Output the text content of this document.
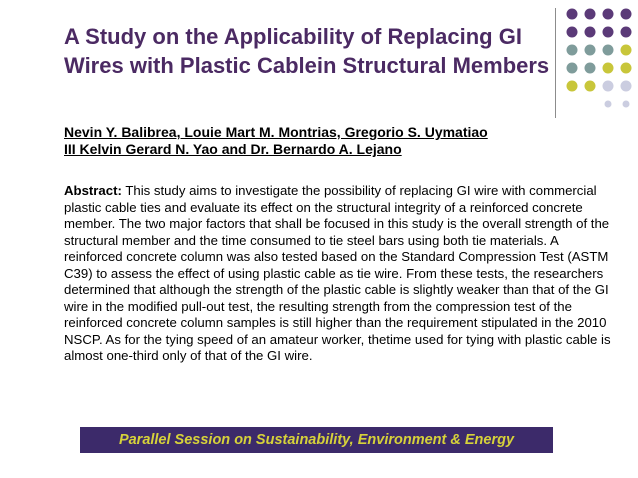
A Study on the Applicability of Replacing GI Wires with Plastic Cablein Structural Members
Nevin Y. Balibrea, Louie Mart M. Montrias, Gregorio S. Uymatiao
III Kelvin Gerard N. Yao and Dr. Bernardo A. Lejano
Abstract: This study aims to investigate the possibility of replacing GI wire with commercial plastic cable ties and evaluate its effect on the structural integrity of a reinforced concrete member. The two major factors that shall be focused in this study is the overall strength of the structural member and the time consumed to tie steel bars using both tie materials. A reinforced concrete column was also tested based on the Standard Compression Test (ASTM C39) to assess the effect of using plastic cable as tie wire. From these tests, the researchers determined that although the strength of the plastic cable is slightly weaker than that of the GI wire in the modified pull-out test, the resulting strength from the compression test of the reinforced concrete column samples is still higher than the requirement stipulated in the 2010 NSCP. As for the tying speed of an amateur worker, thetime used for tying with plastic cable is almost one-third only of that of the GI wire.
Parallel Session on Sustainability, Environment & Energy
